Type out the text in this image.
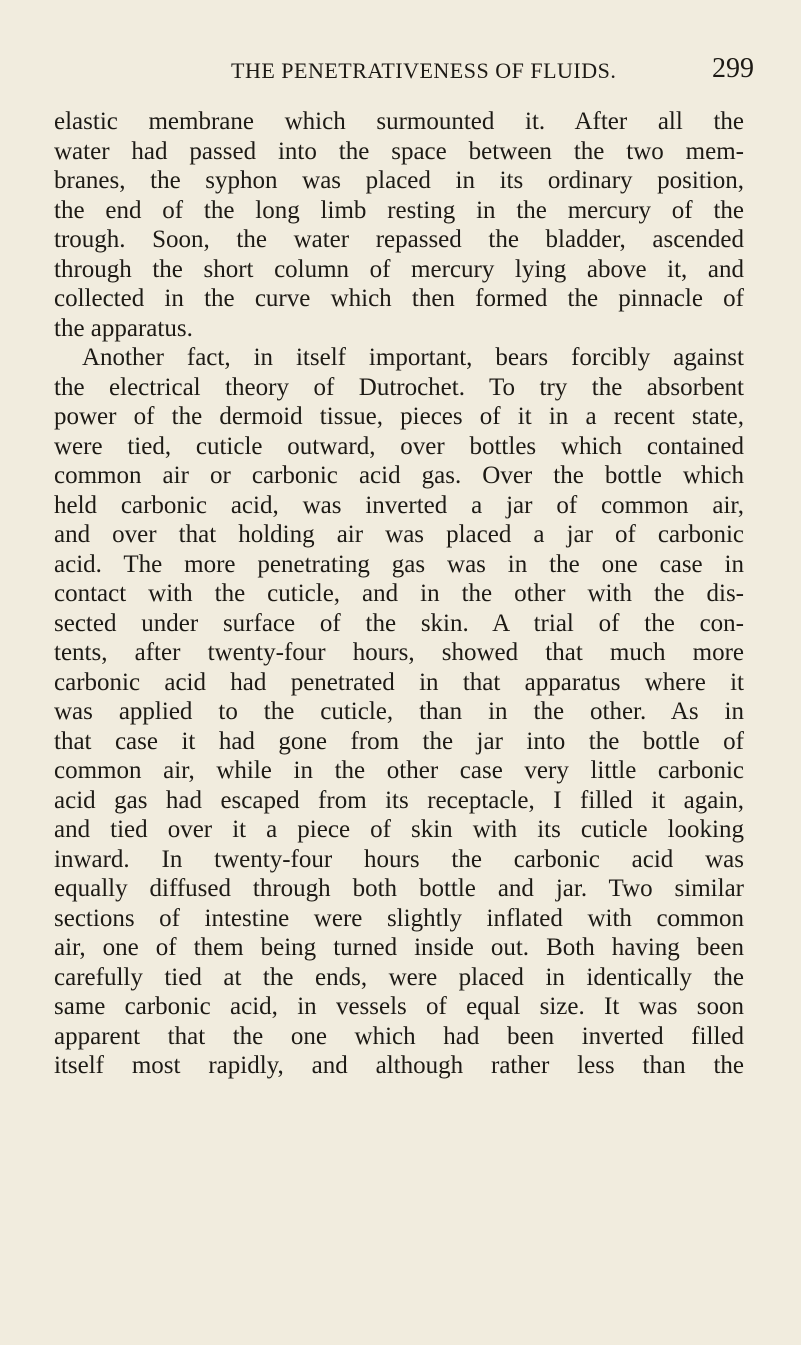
THE PENETRATIVENESS OF FLUIDS.	299
elastic membrane which surmounted it. After all the
water had passed into the space between the two mem-
branes, the syphon was placed in its ordinary position,
the end of the long limb resting in the mercury of the
trough. Soon, the water repassed the bladder, ascended
through the short column of mercury lying above it, and
collected in the curve which then formed the pinnacle of
the apparatus.
Another fact, in itself important, bears forcibly against
the electrical theory of Dutrochet. To try the absorbent
power of the dermoid tissue, pieces of it in a recent state,
were tied, cuticle outward, over bottles which contained
common air or carbonic acid gas. Over the bottle which
held carbonic acid, was inverted a jar of common air,
and over that holding air was placed a jar of carbonic
acid. The more penetrating gas was in the one case in
contact with the cuticle, and in the other with the dis-
sected under surface of the skin. A trial of the con-
tents, after twenty-four hours, showed that much more
carbonic acid had penetrated in that apparatus where it
was applied to the cuticle, than in the other. As in
that case it had gone from the jar into the bottle of
common air, while in the other case very little carbonic
acid gas had escaped from its receptacle, I filled it again,
and tied over it a piece of skin with its cuticle looking
inward. In twenty-four hours the carbonic acid was
equally diffused through both bottle and jar. Two similar
sections of intestine were slightly inflated with common
air, one of them being turned inside out. Both having been
carefully tied at the ends, were placed in identically the
same carbonic acid, in vessels of equal size. It was soon
apparent that the one which had been inverted filled
itself most rapidly, and although rather less than the
